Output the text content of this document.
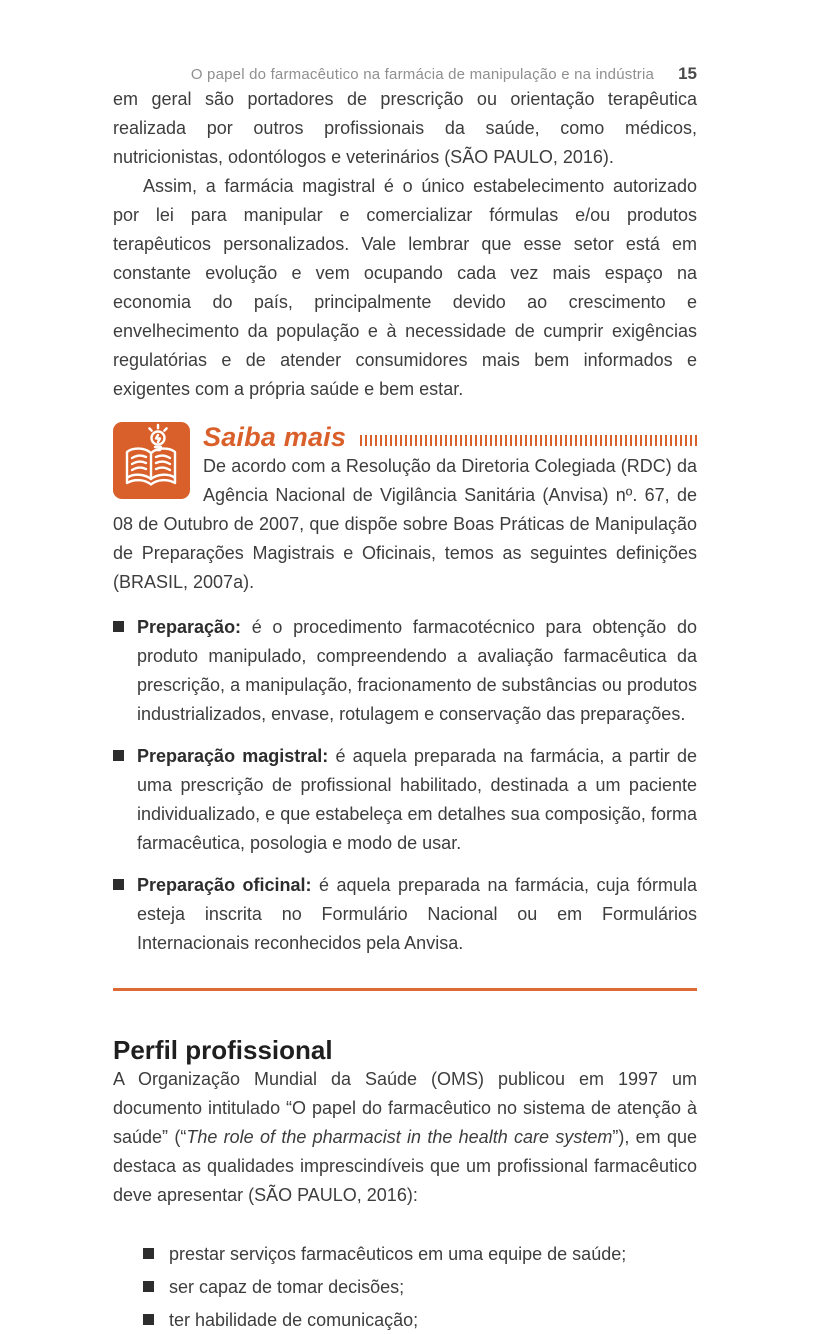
O papel do farmacêutico na farmácia de manipulação e na indústria 15

em geral são portadores de prescrição ou orientação terapêutica realizada por outros profissionais da saúde, como médicos, nutricionistas, odontólogos e veterinários (SÃO PAULO, 2016).

Assim, a farmácia magistral é o único estabelecimento autorizado por lei para manipular e comercializar fórmulas e/ou produtos terapêuticos personalizados. Vale lembrar que esse setor está em constante evolução e vem ocupando cada vez mais espaço na economia do país, principalmente devido ao crescimento e envelhecimento da população e à necessidade de cumprir exigências regulatórias e de atender consumidores mais bem informados e exigentes com a própria saúde e bem estar.

Saiba mais

De acordo com a Resolução da Diretoria Colegiada (RDC) da Agência Nacional de Vigilância Sanitária (Anvisa) nº. 67, de 08 de Outubro de 2007, que dispõe sobre Boas Práticas de Manipulação de Preparações Magistrais e Oficinais, temos as seguintes definições (BRASIL, 2007a).

Preparação: é o procedimento farmacotécnico para obtenção do produto manipulado, compreendendo a avaliação farmacêutica da prescrição, a manipulação, fracionamento de substâncias ou produtos industrializados, envase, rotulagem e conservação das preparações.
Preparação magistral: é aquela preparada na farmácia, a partir de uma prescrição de profissional habilitado, destinada a um paciente individualizado, e que estabeleça em detalhes sua composição, forma farmacêutica, posologia e modo de usar.
Preparação oficinal: é aquela preparada na farmácia, cuja fórmula esteja inscrita no Formulário Nacional ou em Formulários Internacionais reconhecidos pela Anvisa.
Perfil profissional

A Organização Mundial da Saúde (OMS) publicou em 1997 um documento intitulado “O papel do farmacêutico no sistema de atenção à saúde” (“The role of the pharmacist in the health care system”), em que destaca as qualidades imprescindíveis que um profissional farmacêutico deve apresentar (SÃO PAULO, 2016):

prestar serviços farmacêuticos em uma equipe de saúde;
ser capaz de tomar decisões;
ter habilidade de comunicação;
